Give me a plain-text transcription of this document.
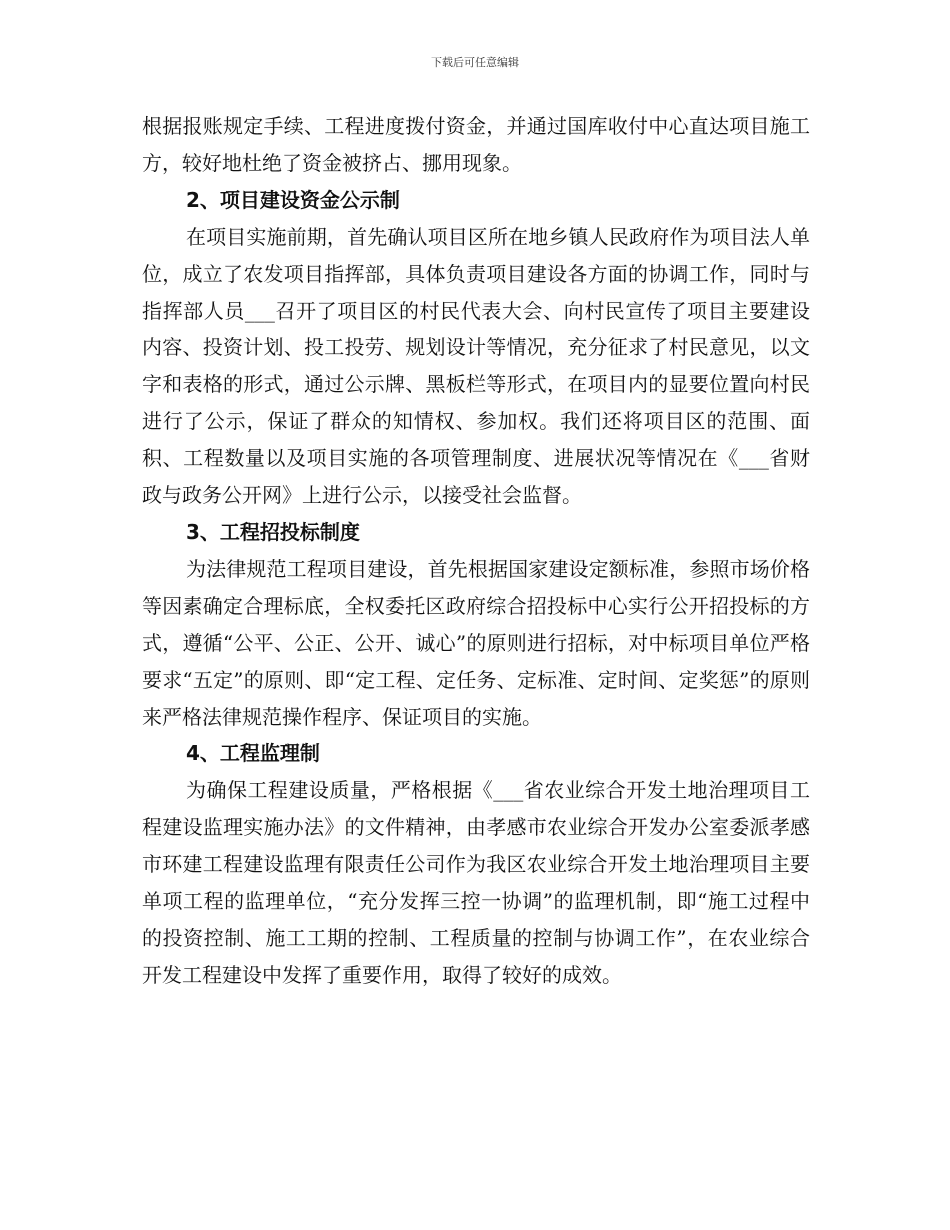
下载后可任意编辑

根据报账规定手续、工程进度拨付资金，并通过国库收付中心直达项目施工方，较好地杜绝了资金被挤占、挪用现象。

2、项目建设资金公示制

在项目实施前期，首先确认项目区所在地乡镇人民政府作为项目法人单位，成立了农发项目指挥部，具体负责项目建设各方面的协调工作，同时与指挥部人员___召开了项目区的村民代表大会、向村民宣传了项目主要建设内容、投资计划、投工投劳、规划设计等情况，充分征求了村民意见，以文字和表格的形式，通过公示牌、黑板栏等形式，在项目内的显要位置向村民进行了公示，保证了群众的知情权、参加权。我们还将项目区的范围、面积、工程数量以及项目实施的各项管理制度、进展状况等情况在《___省财政与政务公开网》上进行公示，以接受社会监督。

3、工程招投标制度

为法律规范工程项目建设，首先根据国家建设定额标准，参照市场价格等因素确定合理标底，全权委托区政府综合招投标中心实行公开招投标的方式，遵循“公平、公正、公开、诚心”的原则进行招标，对中标项目单位严格要求“五定”的原则、即“定工程、定任务、定标准、定时间、定奖惩”的原则来严格法律规范操作程序、保证项目的实施。

4、工程监理制

为确保工程建设质量，严格根据《___省农业综合开发土地治理项目工程建设监理实施办法》的文件精神，由孝感市农业综合开发办公室委派孝感市环建工程建设监理有限责任公司作为我区农业综合开发土地治理项目主要单项工程的监理单位，“充分发挥三控一协调”的监理机制，即“施工过程中的投资控制、施工工期的控制、工程质量的控制与协调工作”，在农业综合开发工程建设中发挥了重要作用，取得了较好的成效。
